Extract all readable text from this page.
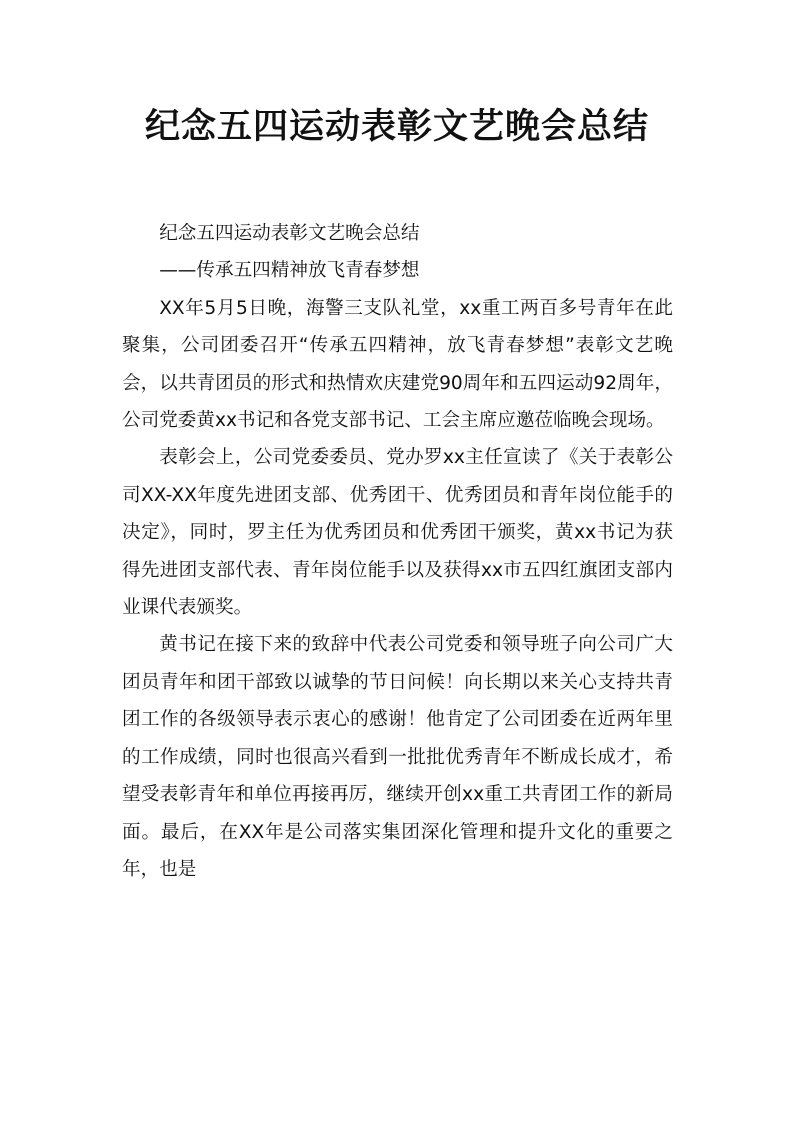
纪念五四运动表彰文艺晚会总结

纪念五四运动表彰文艺晚会总结

——传承五四精神放飞青春梦想

XX年5月5日晚，海警三支队礼堂，xx重工两百多号青年在此聚集，公司团委召开“传承五四精神，放飞青春梦想”表彰文艺晚会，以共青团员的形式和热情欢庆建党90周年和五四运动92周年，公司党委黄xx书记和各党支部书记、工会主席应邀莅临晚会现场。

表彰会上，公司党委委员、党办罗xx主任宣读了《关于表彰公司XX-XX年度先进团支部、优秀团干、优秀团员和青年岗位能手的决定》，同时，罗主任为优秀团员和优秀团干颁奖，黄xx书记为获得先进团支部代表、青年岗位能手以及获得xx市五四红旗团支部内业课代表颁奖。

黄书记在接下来的致辞中代表公司党委和领导班子向公司广大团员青年和团干部致以诚挚的节日问候！向长期以来关心支持共青团工作的各级领导表示衷心的感谢！他肯定了公司团委在近两年里的工作成绩，同时也很高兴看到一批批优秀青年不断成长成才，希望受表彰青年和单位再接再厉，继续开创xx重工共青团工作的新局面。最后，在XX年是公司落实集团深化管理和提升文化的重要之年，也是
